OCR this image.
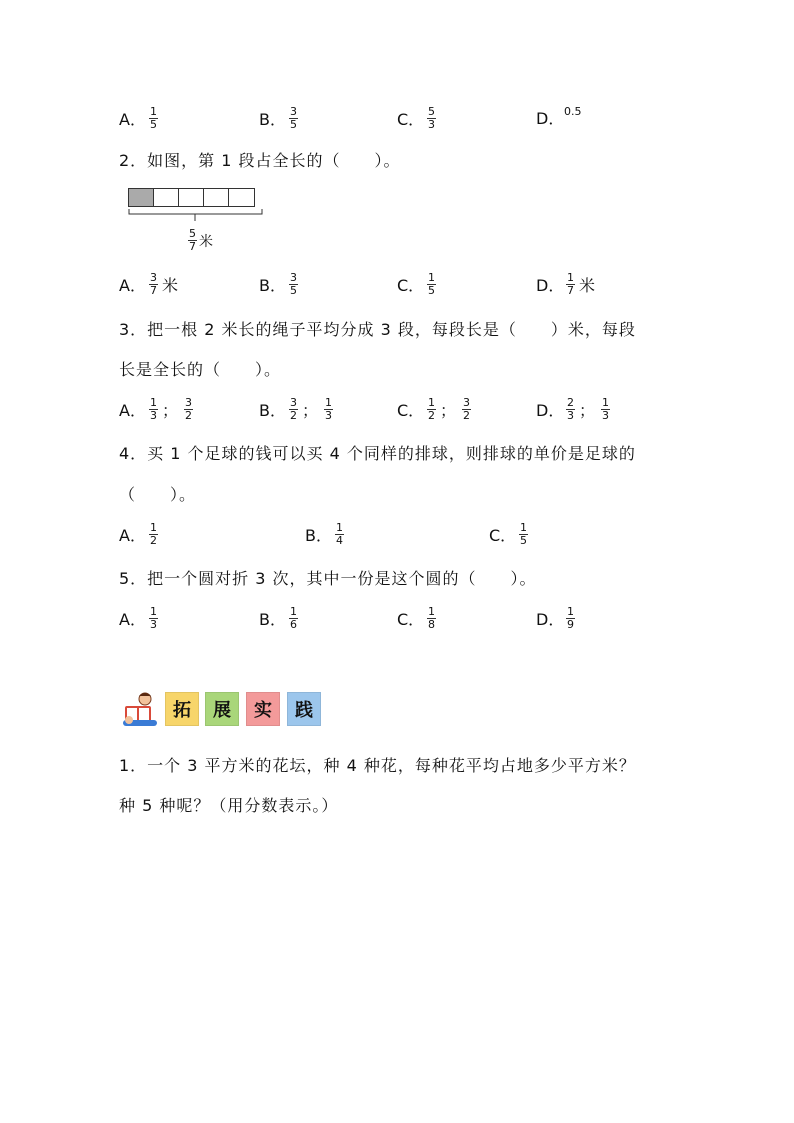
A． $\frac{1}{5}$	B． $\frac{3}{5}$	C． $\frac{5}{3}$	D． 0.5
2．如图，第 1 段占全长的（　　）。
$\frac{5}{7}$ 米
A． $\frac{3}{7}$ 米	B． $\frac{3}{5}$	C． $\frac{1}{5}$	D． $\frac{1}{7}$ 米
3．把一根 2 米长的绳子平均分成 3 段，每段长是（　　）米，每段
长是全长的（　　）。
A． $\frac{1}{3}$ ； $\frac{3}{2}$	B． $\frac{3}{2}$ ； $\frac{1}{3}$	C． $\frac{1}{2}$ ； $\frac{3}{2}$	D． $\frac{2}{3}$ ； $\frac{1}{3}$
4．买 1 个足球的钱可以买 4 个同样的排球，则排球的单价是足球的
（　　）。
A． $\frac{1}{2}$	B． $\frac{1}{4}$	C． $\frac{1}{5}$
5．把一个圆对折 3 次，其中一份是这个圆的（　　）。
A． $\frac{1}{3}$	B． $\frac{1}{6}$	C． $\frac{1}{8}$	D． $\frac{1}{9}$
拓	展	实	践
1．一个 3 平方米的花坛，种 4 种花，每种花平均占地多少平方米？
种 5 种呢？（用分数表示。）
